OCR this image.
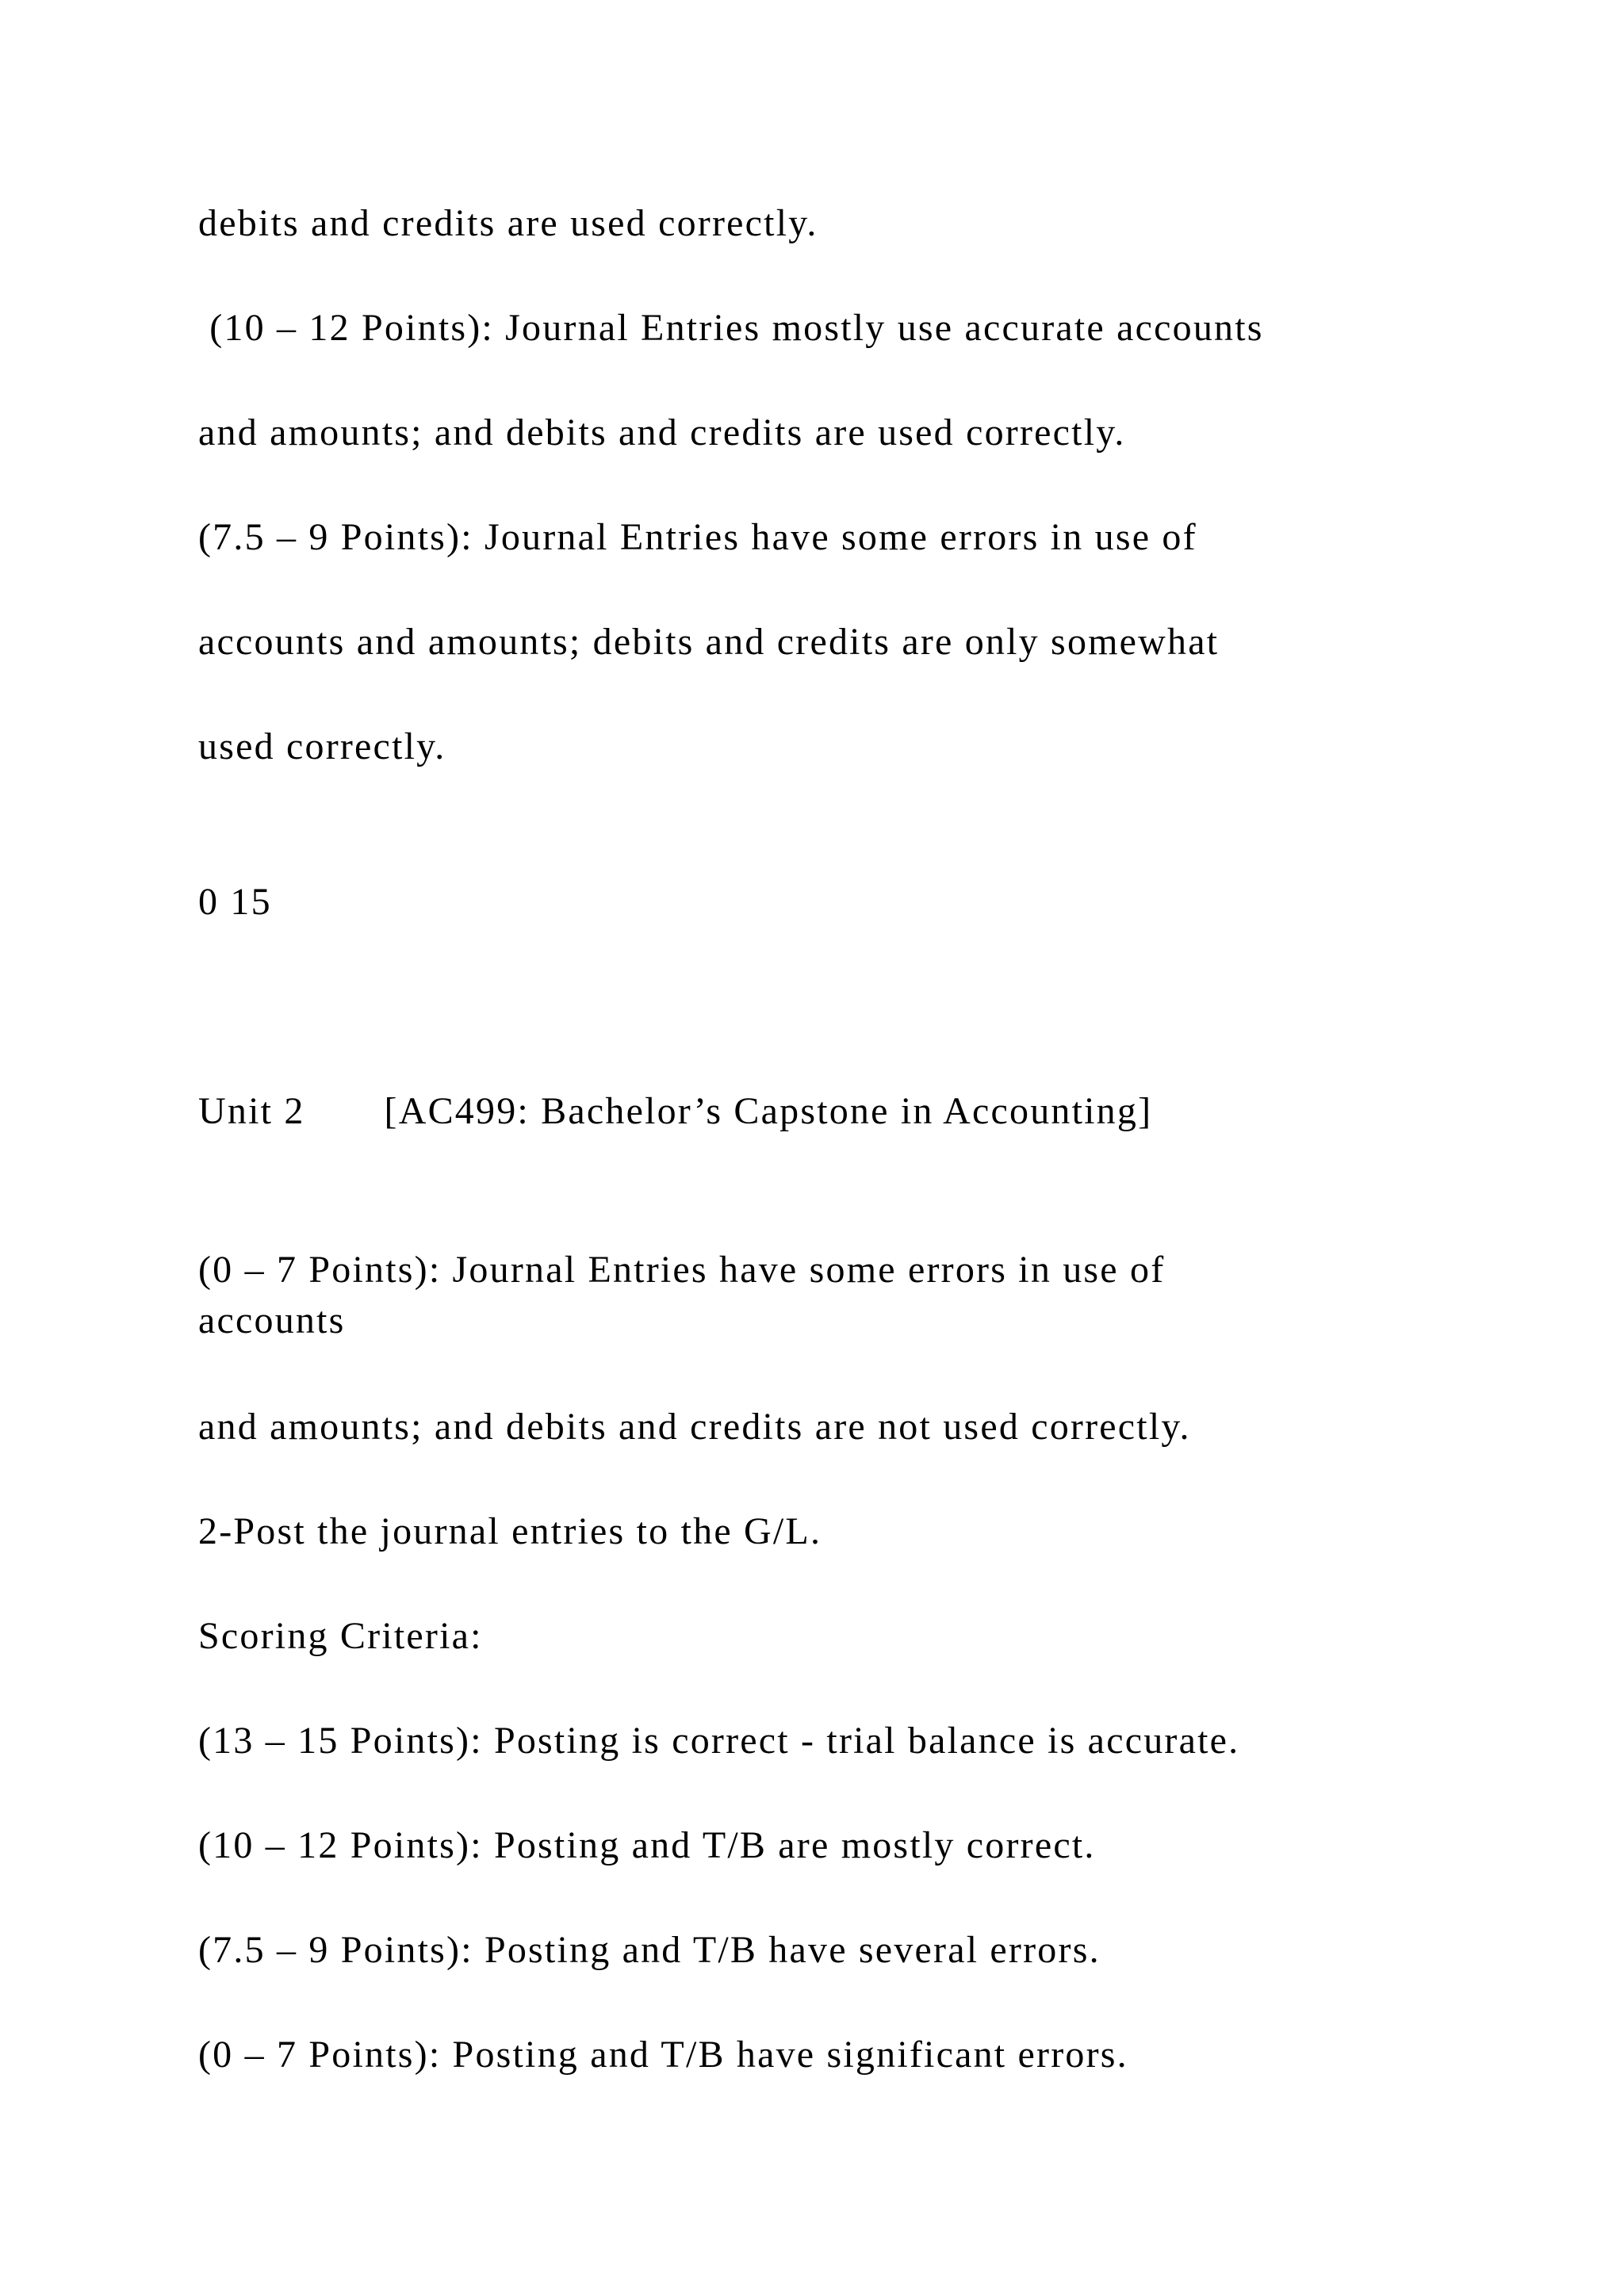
debits and credits are used correctly.

(10 – 12 Points): Journal Entries mostly use accurate accounts

and amounts; and debits and credits are used correctly.

(7.5 – 9 Points): Journal Entries have some errors in use of

accounts and amounts; debits and credits are only somewhat

used correctly.

0 15

Unit 2 [AC499: Bachelor’s Capstone in Accounting]

(0 – 7 Points): Journal Entries have some errors in use of

accounts

and amounts; and debits and credits are not used correctly.

2-Post the journal entries to the G/L.

Scoring Criteria:

(13 – 15 Points): Posting is correct - trial balance is accurate.

(10 – 12 Points): Posting and T/B are mostly correct.

(7.5 – 9 Points): Posting and T/B have several errors.

(0 – 7 Points): Posting and T/B have significant errors.
